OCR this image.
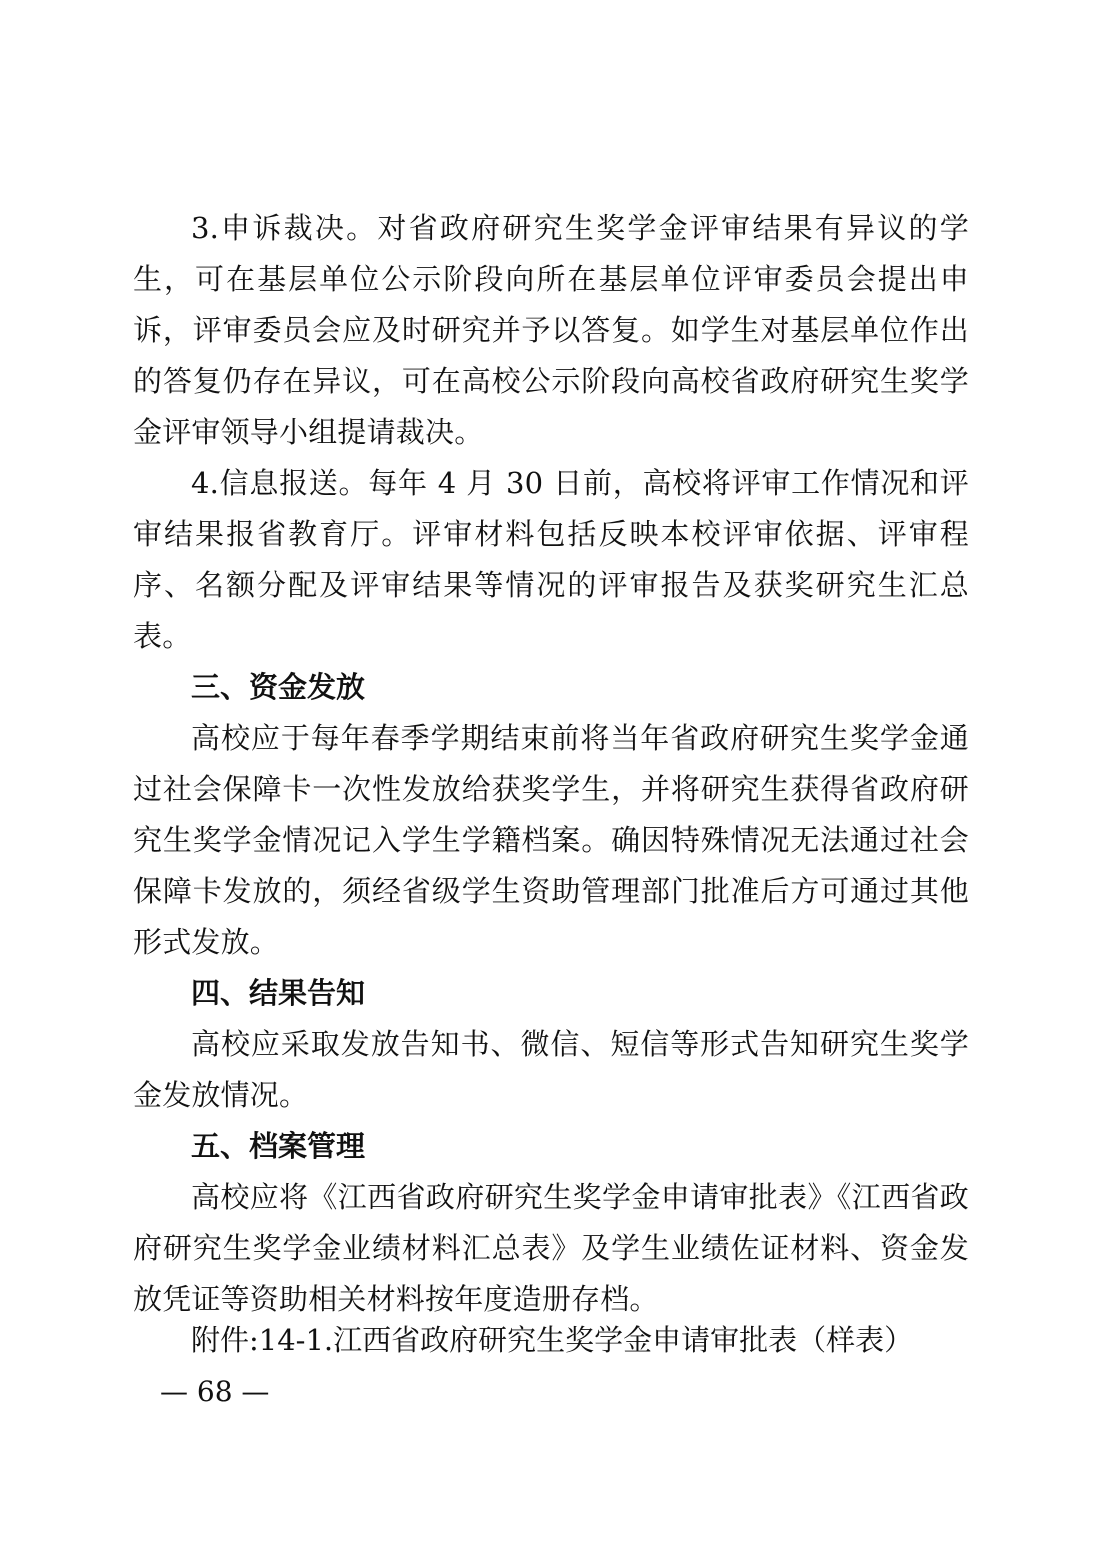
3.申诉裁决。对省政府研究生奖学金评审结果有异议的学生，可在基层单位公示阶段向所在基层单位评审委员会提出申诉，评审委员会应及时研究并予以答复。如学生对基层单位作出的答复仍存在异议，可在高校公示阶段向高校省政府研究生奖学金评审领导小组提请裁决。

4.信息报送。每年 4 月 30 日前，高校将评审工作情况和评审结果报省教育厅。评审材料包括反映本校评审依据、评审程序、名额分配及评审结果等情况的评审报告及获奖研究生汇总表。

三、资金发放

高校应于每年春季学期结束前将当年省政府研究生奖学金通过社会保障卡一次性发放给获奖学生，并将研究生获得省政府研究生奖学金情况记入学生学籍档案。确因特殊情况无法通过社会保障卡发放的，须经省级学生资助管理部门批准后方可通过其他形式发放。

四、结果告知

高校应采取发放告知书、微信、短信等形式告知研究生奖学金发放情况。

五、档案管理

高校应将《江西省政府研究生奖学金申请审批表》《江西省政府研究生奖学金业绩材料汇总表》及学生业绩佐证材料、资金发放凭证等资助相关材料按年度造册存档。

附件:14-1.江西省政府研究生奖学金申请审批表（样表）
— 68 —
